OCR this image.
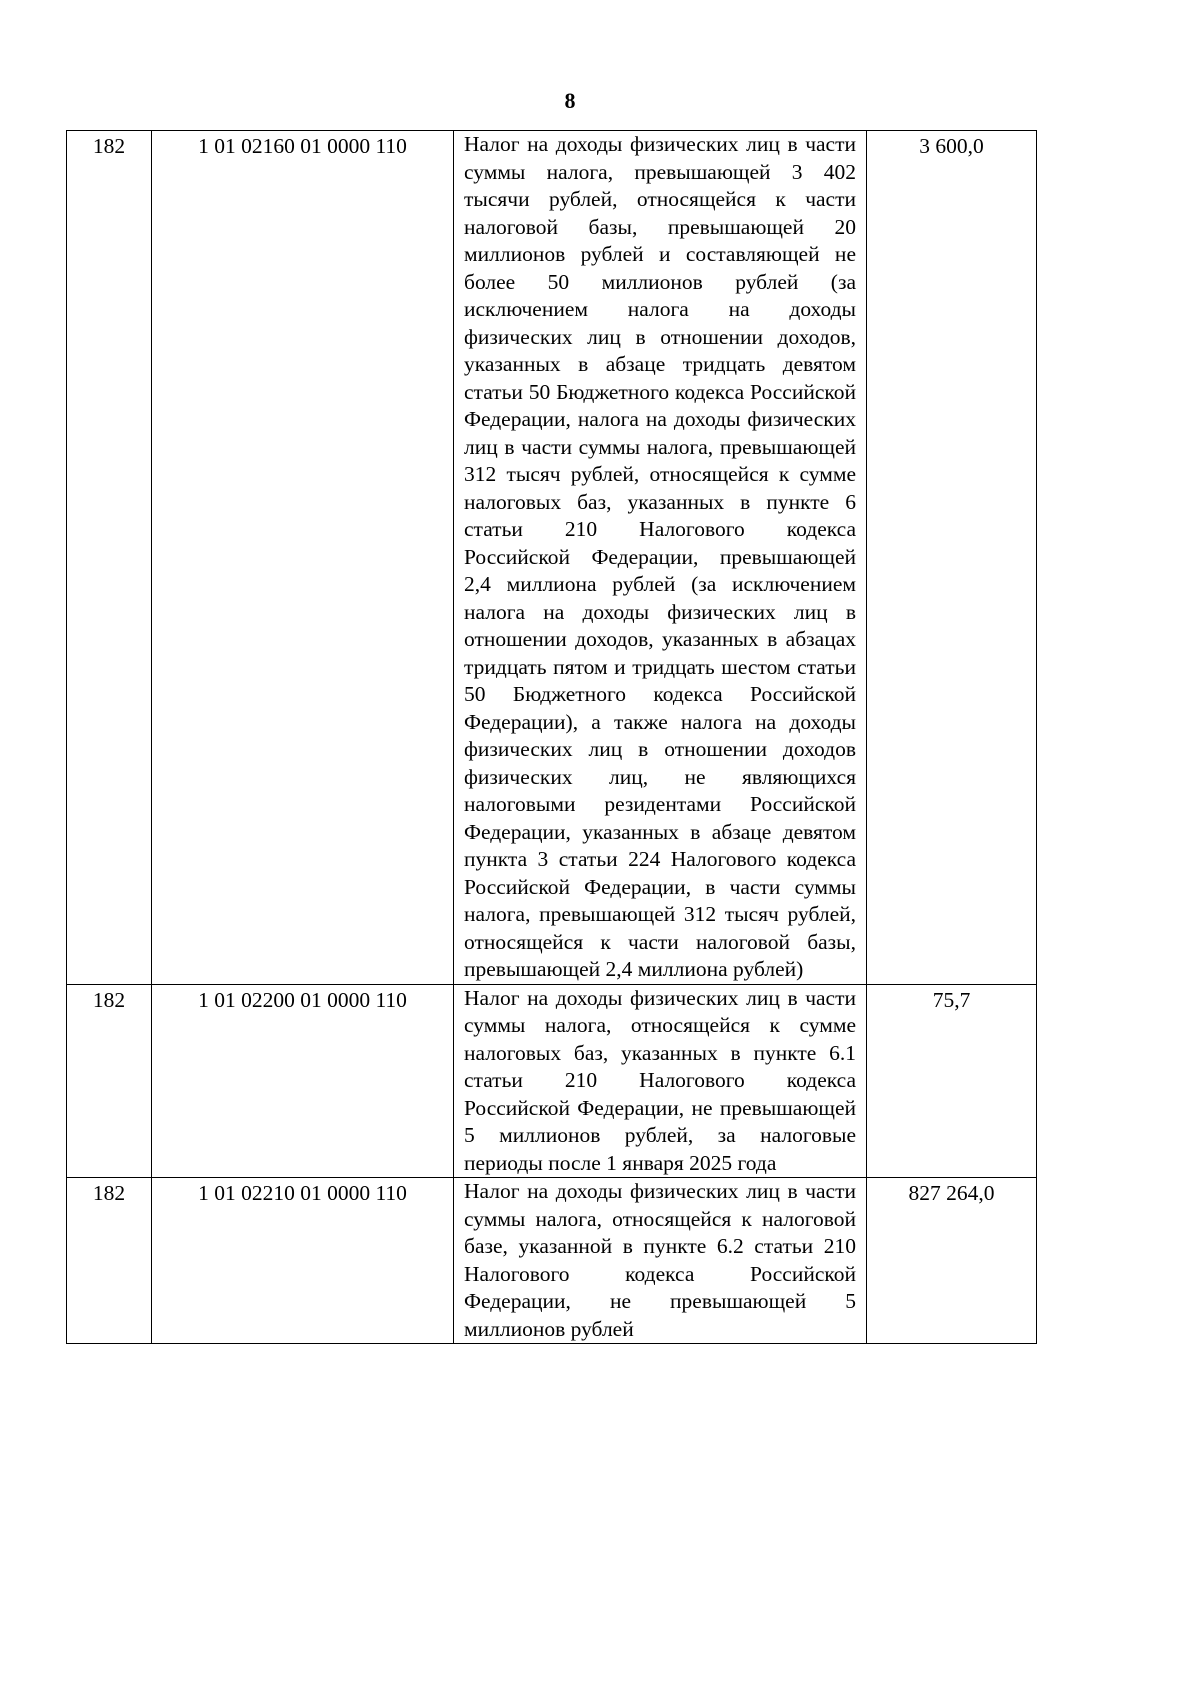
8
182	1 01 02160 01 0000 110	Налог на доходы физических лиц в части суммы налога, превышающей 3 402 тысячи рублей, относящейся к части налоговой базы, превышающей 20 миллионов рублей и составляющей не более 50 миллионов рублей (за исключением налога на доходы физических лиц в отношении доходов, указанных в абзаце тридцать девятом статьи 50 Бюджетного кодекса Российской Федерации, налога на доходы физических лиц в части суммы налога, превышающей 312 тысяч рублей, относящейся к сумме налоговых баз, указанных в пункте 6 статьи 210 Налогового кодекса Российской Федерации, превышающей 2,4 миллиона рублей (за исключением налога на доходы физических лиц в отношении доходов, указанных в абзацах тридцать пятом и тридцать шестом статьи 50 Бюджетного кодекса Российской Федерации), а также налога на доходы физических лиц в отношении доходов физических лиц, не являющихся налоговыми резидентами Российской Федерации, указанных в абзаце девятом пункта 3 статьи 224 Налогового кодекса Российской Федерации, в части суммы налога, превышающей 312 тысяч рублей, относящейся к части налоговой базы, превышающей 2,4 миллиона рублей)	3 600,0
182	1 01 02200 01 0000 110	Налог на доходы физических лиц в части суммы налога, относящейся к сумме налоговых баз, указанных в пункте 6.1 статьи 210 Налогового кодекса Российской Федерации, не превышающей 5 миллионов рублей, за налоговые периоды после 1 января 2025 года	75,7
182	1 01 02210 01 0000 110	Налог на доходы физических лиц в части суммы налога, относящейся к налоговой базе, указанной в пункте 6.2 статьи 210 Налогового кодекса Российской Федерации, не превышающей 5 миллионов рублей	827 264,0
